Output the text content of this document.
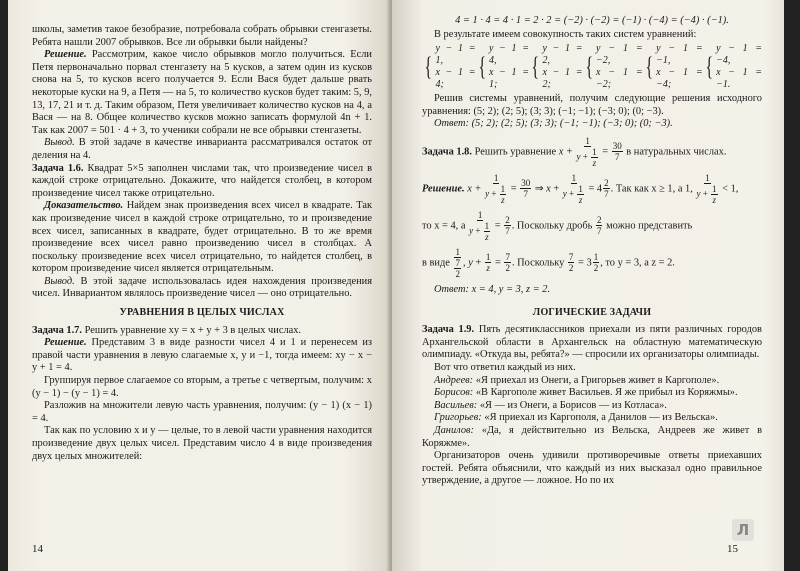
школы, заметив такое безобразие, потребовала собрать обрывки стенгазеты. Ребята нашли 2007 обрывков. Все ли обрывки были найдены?

Решение. Рассмотрим, какое число обрывков могло получиться. Если Петя первоначально порвал стенгазету на 5 кусков, а затем один из кусков снова на 5, то кусков всего получается 9. Если Вася будет дальше рвать некоторые куски на 9, а Петя — на 5, то количество кусков будет таким: 5, 9, 13, 17, 21 и т. д. Таким образом, Петя увеличивает количество кусков на 4, а Вася — на 8. Общее количество кусков можно записать формулой 4n + 1. Так как 2007 = 501 · 4 + 3, то ученики собрали не все обрывки стенгазеты.

Вывод. В этой задаче в качестве инварианта рассматривался остаток от деления на 4.

Задача 1.6. Квадрат 5×5 заполнен числами так, что произведение чисел в каждой строке отрицательно. Докажите, что найдется столбец, в котором произведение чисел также отрицательно.

Доказательство. Найдем знак произведения всех чисел в квадрате. Так как произведение чисел в каждой строке отрицательно, то и произведение всех чисел, записанных в квадрате, будет отрицательно. В то же время произведение всех чисел равно произведению чисел в столбцах. А поскольку произведение всех чисел отрицательно, то найдется столбец, в котором произведение чисел является отрицательным.

Вывод. В этой задаче использовалась идея нахождения произведения чисел. Инвариантом являлось произведение чисел — оно отрицательно.

УРАВНЕНИЯ В ЦЕЛЫХ ЧИСЛАХ

Задача 1.7. Решить уравнение xy = x + y + 3 в целых числах.

Решение. Представим 3 в виде разности чисел 4 и 1 и перенесем из правой части уравнения в левую слагаемые x, y и −1, тогда имеем: xy − x − y + 1 = 4.

Группируя первое слагаемое со вторым, а третье с четвертым, получим: x (y − 1) − (y − 1) = 4.

Разложив на множители левую часть уравнения, получим: (y − 1) (x − 1) = 4.

Так как по условию x и y — целые, то в левой части уравнения находится произведение двух целых чисел. Представим число 4 в виде произведения двух целых множителей:

14

4 = 1 · 4 = 4 · 1 = 2 · 2 = (−2) · (−2) = (−1) · (−4) = (−4) · (−1).

В результате имеем совокупность таких систем уравнений:

{
y − 1 = 1,
x − 1 = 4;
{
y − 1 = 4,
x − 1 = 1;
{
y − 1 = 2,
x − 1 = 2;
{
y − 1 = −2,
x − 1 = −2;
{
y − 1 = −1,
x − 1 = −4;
{
y − 1 = −4,
x − 1 = −1.

Решив системы уравнений, получим следующие решения исходного уравнения: (5; 2); (2; 5); (3; 3); (−1; −1); (−3; 0); (0; −3).

Ответ: (5; 2); (2; 5); (3; 3); (−1; −1); (−3; 0); (0; −3).

Задача 1.8. Решить уравнение $x + \frac{1}{y + \frac{1}{z}} = \frac{30}{7}$ в натуральных числах.

Решение. $x + \frac{1}{y + \frac{1}{z}} = \frac{30}{7}$ ⇒ $x + \frac{1}{y + \frac{1}{z}} = 4 \frac{2}{7}$ . Так как x ≥ 1, а 1, $\frac{1}{y + \frac{1}{z}} < 1$,

то x = 4, а $\frac{1}{y + \frac{1}{z}} = \frac{2}{7}$ . Поскольку дробь $\frac{2}{7}$ можно представить

в виде $\frac{1}{\frac{7}{2}}$ , $y + \frac{1}{z} = \frac{7}{2}$ . Поскольку $\frac{7}{2} = 3 \frac{1}{2}$ , то y = 3, а z = 2.

Ответ: x = 4, y = 3, z = 2.

ЛОГИЧЕСКИЕ ЗАДАЧИ

Задача 1.9. Пять десятиклассников приехали из пяти различных городов Архангельской области в Архангельск на областную математическую олимпиаду. «Откуда вы, ребята?» — спросили их организаторы олимпиады.

Вот что ответил каждый из них.

Андреев: «Я приехал из Онеги, а Григорьев живет в Каргополе».

Борисов: «В Каргополе живет Васильев. Я же прибыл из Коряжмы».

Васильев: «Я — из Онеги, а Борисов — из Котласа».

Григорьев: «Я приехал из Каргополя, а Данилов — из Вельска».

Данилов: «Да, я действительно из Вельска, Андреев же живет в Коряжме».

Организаторов очень удивили противоречивые ответы приехавших гостей. Ребята объяснили, что каждый из них высказал одно правильное утверждение, а другое — ложное. Но по их

15
Л
